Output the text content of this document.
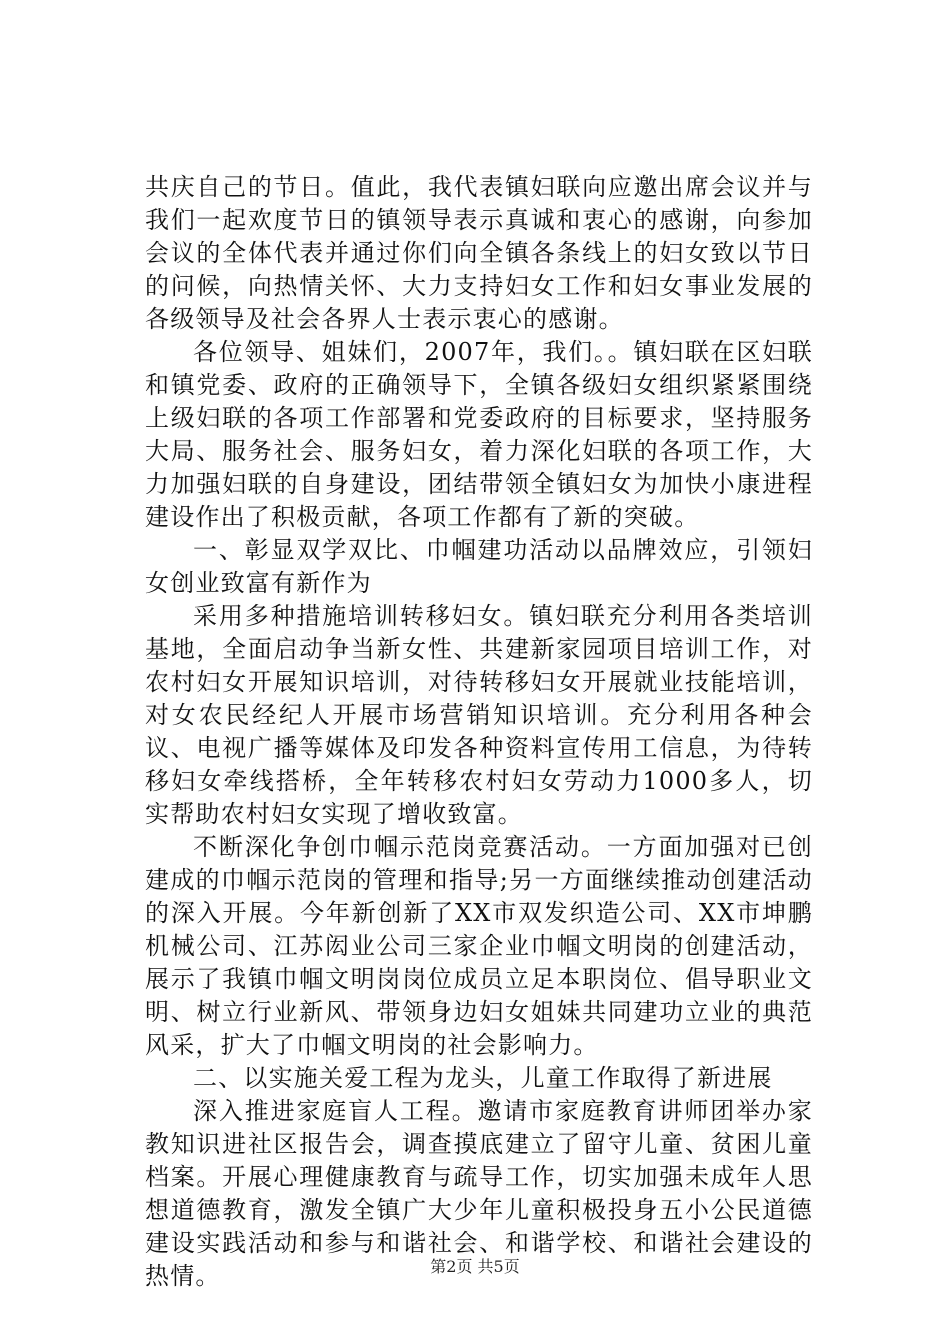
共庆自己的节日。值此，我代表镇妇联向应邀出席会议并与我们一起欢度节日的镇领导表示真诚和衷心的感谢，向参加会议的全体代表并通过你们向全镇各条线上的妇女致以节日的问候，向热情关怀、大力支持妇女工作和妇女事业发展的各级领导及社会各界人士表示衷心的感谢。

各位领导、姐妹们，2007年，我们。。镇妇联在区妇联和镇党委、政府的正确领导下，全镇各级妇女组织紧紧围绕上级妇联的各项工作部署和党委政府的目标要求，坚持服务大局、服务社会、服务妇女，着力深化妇联的各项工作，大力加强妇联的自身建设，团结带领全镇妇女为加快小康进程建设作出了积极贡献，各项工作都有了新的突破。

一、彰显双学双比、巾帼建功活动以品牌效应，引领妇女创业致富有新作为

采用多种措施培训转移妇女。镇妇联充分利用各类培训基地，全面启动争当新女性、共建新家园项目培训工作，对农村妇女开展知识培训，对待转移妇女开展就业技能培训，对女农民经纪人开展市场营销知识培训。充分利用各种会议、电视广播等媒体及印发各种资料宣传用工信息，为待转移妇女牵线搭桥，全年转移农村妇女劳动力1000多人，切实帮助农村妇女实现了增收致富。

不断深化争创巾帼示范岗竞赛活动。一方面加强对已创建成的巾帼示范岗的管理和指导;另一方面继续推动创建活动的深入开展。今年新创新了XX市双发织造公司、XX市坤鹏机械公司、江苏闳业公司三家企业巾帼文明岗的创建活动，展示了我镇巾帼文明岗岗位成员立足本职岗位、倡导职业文明、树立行业新风、带领身边妇女姐妹共同建功立业的典范风采，扩大了巾帼文明岗的社会影响力。

二、以实施关爱工程为龙头，儿童工作取得了新进展

深入推进家庭盲人工程。邀请市家庭教育讲师团举办家教知识进社区报告会，调查摸底建立了留守儿童、贫困儿童档案。开展心理健康教育与疏导工作，切实加强未成年人思想道德教育，激发全镇广大少年儿童积极投身五小公民道德建设实践活动和参与和谐社会、和谐学校、和谐社会建设的热情。	第2页 共5页
